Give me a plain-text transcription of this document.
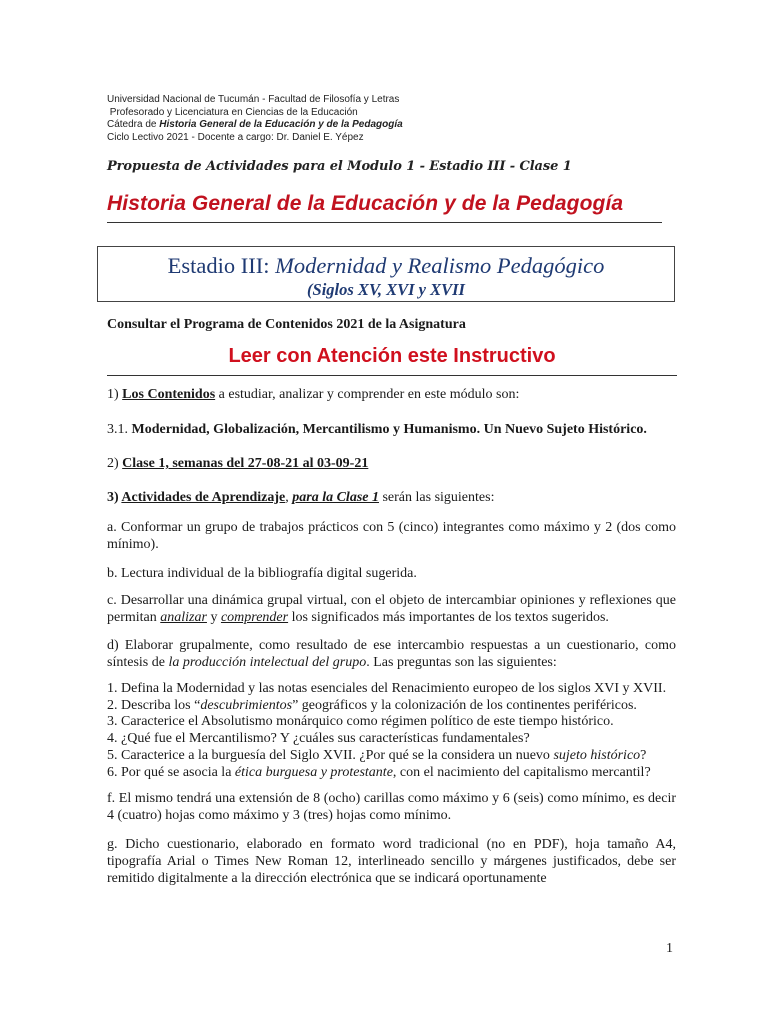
Universidad Nacional de Tucumán - Facultad de Filosofía y Letras
Profesorado y Licenciatura en Ciencias de la Educación
Cátedra de Historia General de la Educación y de la Pedagogía
Ciclo Lectivo 2021 - Docente a cargo: Dr. Daniel E. Yépez
Propuesta de Actividades para el Modulo 1 - Estadio III - Clase 1
Historia General de la Educación y de la Pedagogía
Estadio III: Modernidad y Realismo Pedagógico
(Siglos XV, XVI y XVII
Consultar el Programa de Contenidos 2021 de la Asignatura
Leer con Atención este Instructivo
1) Los Contenidos a estudiar, analizar y comprender en este módulo son:
3.1. Modernidad, Globalización, Mercantilismo y Humanismo. Un Nuevo Sujeto Histórico.
2) Clase 1, semanas del 27-08-21 al 03-09-21
3) Actividades de Aprendizaje, para la Clase 1 serán las siguientes:
a. Conformar un grupo de trabajos prácticos con 5 (cinco) integrantes como máximo y 2 (dos como mínimo).
b. Lectura individual de la bibliografía digital sugerida.
c. Desarrollar una dinámica grupal virtual, con el objeto de intercambiar opiniones y reflexiones que permitan analizar y comprender los significados más importantes de los textos sugeridos.
d) Elaborar grupalmente, como resultado de ese intercambio respuestas a un cuestionario, como síntesis de la producción intelectual del grupo. Las preguntas son las siguientes:
1. Defina la Modernidad y las notas esenciales del Renacimiento europeo de los siglos XVI y XVII.
2. Describa los “descubrimientos” geográficos y la colonización de los continentes periféricos.
3. Caracterice el Absolutismo monárquico como régimen político de este tiempo histórico.
4. ¿Qué fue el Mercantilismo? Y ¿cuáles sus características fundamentales?
5. Caracterice a la burguesía del Siglo XVII. ¿Por qué se la considera un nuevo sujeto histórico?
6. Por qué se asocia la ética burguesa y protestante, con el nacimiento del capitalismo mercantil?
f. El mismo tendrá una extensión de 8 (ocho) carillas como máximo y 6 (seis) como mínimo, es decir 4 (cuatro) hojas como máximo y 3 (tres) hojas como mínimo.
g. Dicho cuestionario, elaborado en formato word tradicional (no en PDF), hoja tamaño A4, tipografía Arial o Times New Roman 12, interlineado sencillo y márgenes justificados, debe ser remitido digitalmente a la dirección electrónica que se indicará oportunamente
1
